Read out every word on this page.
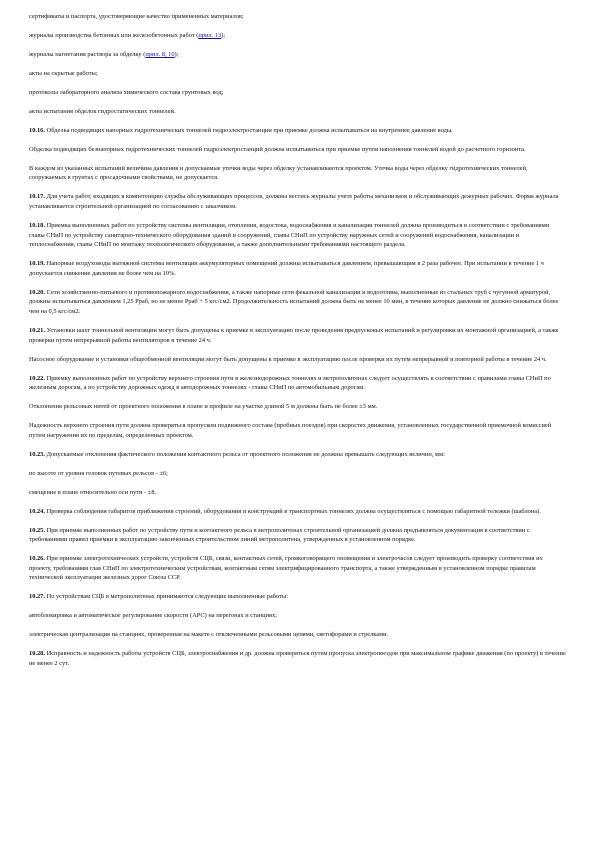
сертификаты и паспорта, удостоверяющие качество примененных материалов;

журналы производства бетонных или железобетонных работ (прил. 13);

журналы нагнетания раствора за обделку (прил. 8, 10);

акты на скрытые работы;

протоколы лабораторного анализа химического состава грунтовых вод;

акты испытания обделок гидростатических тоннелей.

10.16. Обделка подводящих напорных гидротехнических тоннелей гидроэлектростанции при приемке должна испытываться на внутреннее давление воды.

Обделка подводящих безнапорных гидротехнических тоннелей гидроэлектростанций должна испытываться при приемке путем наполнения тоннелей водой до расчетного горизонта.

В каждом из указанных испытаний величина давления и допускаемые утечки воды через обделку устанавливаются проектом. Утечка воды через обделку гидротехнических тоннелей, сооружаемых в грунтах с просадочными свойствами, не допускается.

10.17. Для учета работ, входящих в компетенцию службы обслуживающих процессов, должны вестись журналы учете работы механизмов и обслуживающих дежурных рабочих. Форма журнала устанавливается строительной организацией по согласованию с заказчиком.

10.18. Приемка выполненных работ по устройству системы вентиляции, отопления, водостока, водоснабжения и канализации тоннелей должна производиться в соответствии с требованиями главы СНиП по устройству санитарно-технического оборудования зданий и сооружений, главы СНиП по устройству наружных сетей и сооружений водоснабжения, канализации и теплоснабжения, главы СНиП по монтажу технологического оборудования, а также дополнительными требованиями настоящего раздела.

10.19. Напорные воздуховоды вытяжной системы вентиляции аккумуляторных помещений должны испытываться давлением, превышающим в 2 раза рабочее. При испытании в течение 1 ч допускается снижение давления не более чем на 10%.

10.20. Сети хозяйственно-питьевого и противопожарного водоснабжения, а также напорные сети фекальной канализации и водоотлива, выполненные из стальных труб с чугунной арматурой, должны испытываться давлением 1,25 Ppaб, но не менее Ppaб + 5 кгс/см2. Продолжительность испытаний должна быть не менее 10 мин, в течение которых давление не должно снижаться более чем на 0,5 кгс/см2.

10.21. Установки шахт тоннельной вентиляции могут быть допущены к приемке в эксплуатацию после проведения предпусковых испытаний и регулировки их монтажной организацией, а также проверки путем непрерывной работы вентиляторов в течение 24 ч.

Насосное оборудование и установки общеобменной вентиляции могут быть допущены к приемке в эксплуатацию после проверки их путем непрерывной и повторной работы в течение 24 ч.

10.22. Приемку выполненных работ по устройству верхнего строения пути в железнодорожных тоннелях и метрополитенах следует осуществлять в соответствии с правилами главы СНиП по железным дорогам, а по устройству дорожных одежд в автодорожных тоннелях - главы СНиП по автомобильным дорогам.

Отклонения рельсовых нитей от проектного положения в плане и профиле на участке длиной 5 м должны быть не более ±3 мм.

Надежность верхнего строения пути должна проверяться пропуском подвижного состава (пробных поездов) при скоростях движения, установленных государственной приемочной комиссией путем нагружения их по пределам, определенных проектом.

10.23. Допускаемые отклонения фактического положения контактного рельса от проектного положения не должны превышать следующих величин, мм:

по высоте от уровня головок путевых рельсов - ±6;

смещение в плане относительно оси пути - ±8.

10.24. Проверка соблюдения габаритов приближения строений, оборудования и конструкций в транспортных тоннелях должна осуществляться с помощью габаритной тележки (шаблона).

10.25. При приемке выполненных работ по устройству пути и контактного рельса в метрополитенах строительной организацией должна предъявляться документация в соответствии с требованиями правил приемки в эксплуатацию законченных строительством линий метрополитена, утвержденных в установленном порядке.

10.26. При приемке электротехнических устройств, устройств СЦБ, связи, контактных сетей, громкоговорящего оповещения и электрочасов следует производить проверку соответствия их проекту, требованиям глав СНиП по электротехническим устройствам, контактным сетям электрифицированного транспорта, а также утвержденным в установленном порядке правилам технической эксплуатации железных дорог Союза ССР.

10.27. По устройствам СЦБ в метрополитенах принимаются следующие выполненные работы:

автоблокировка и автоматическое регулирование скорости (АРС) на перегонах и станциях;

электрическая централизация на станциях, проверенная на макете с отключенными рельсовыми цепями, светофорами и стрелками.

10.28. Исправность и надежность работы устройств СЦБ, электроснабжения и др. должна проверяться путем пропуска электропоездов при максимальном графике движения (по проекту) в течение не менее 2 сут.
